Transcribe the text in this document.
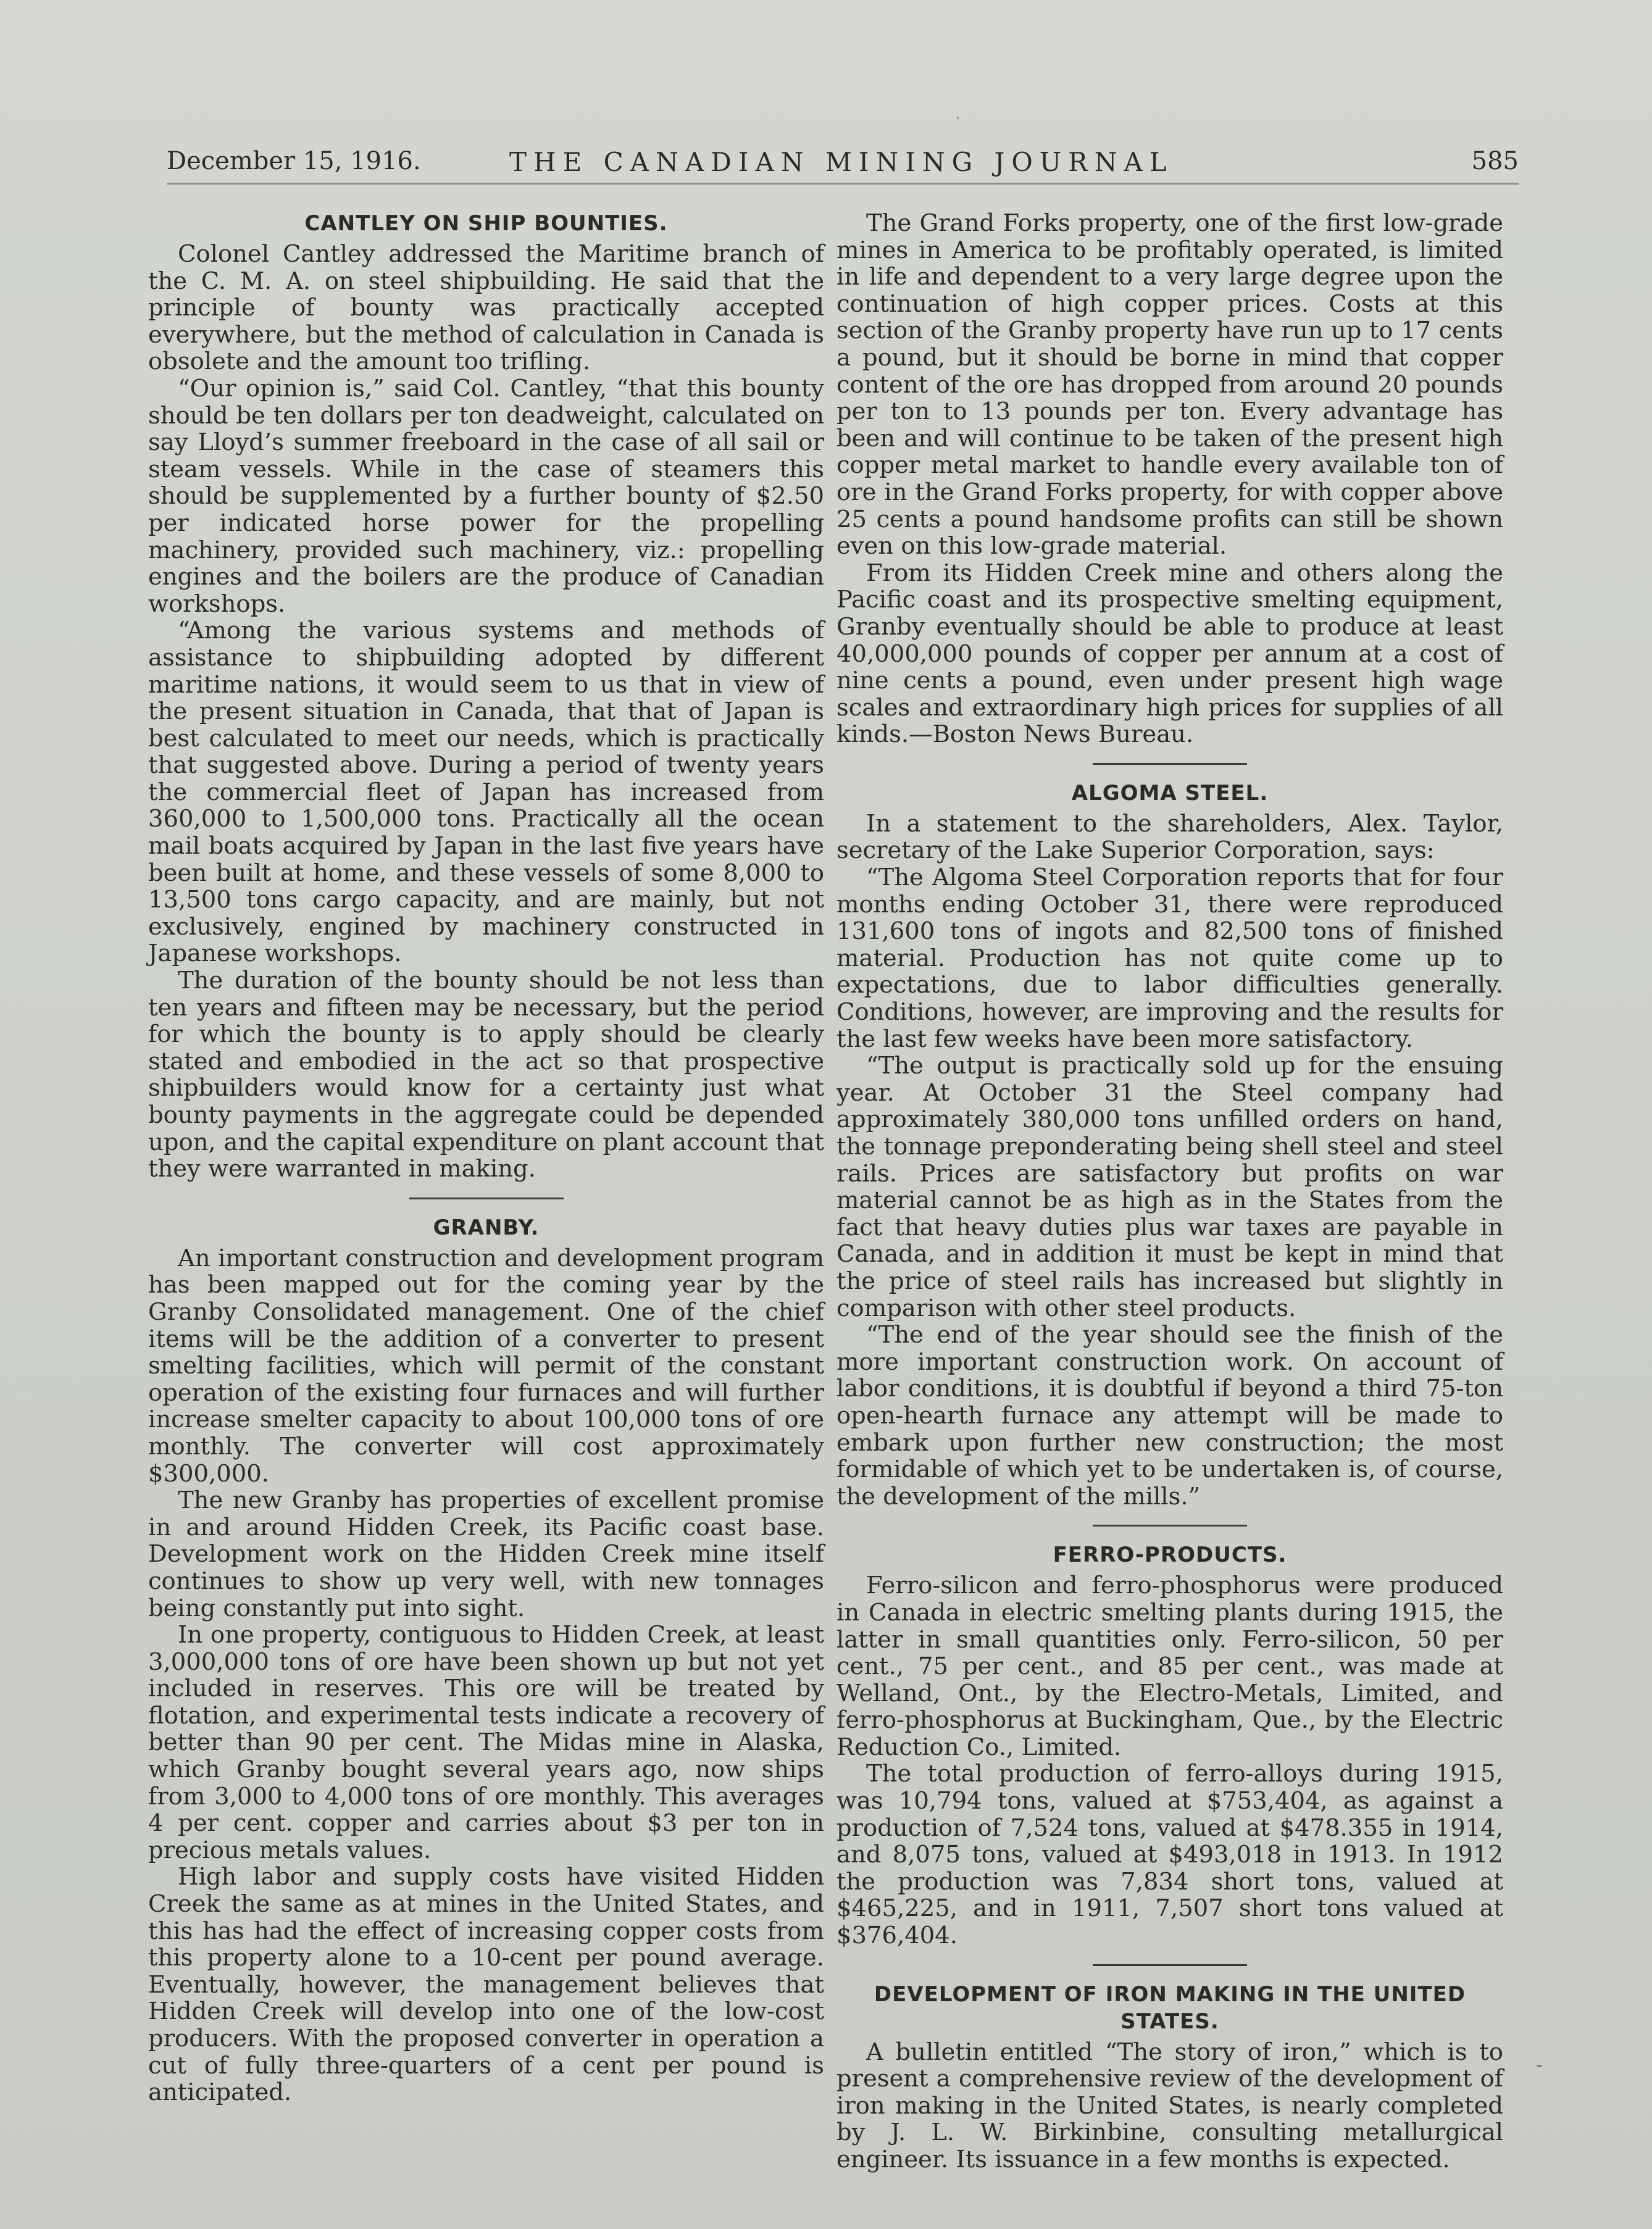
December 15, 1916.	THE CANADIAN MINING JOURNAL	585
CANTLEY ON SHIP BOUNTIES.

Colonel Cantley addressed the Maritime branch of the C. M. A. on steel shipbuilding. He said that the principle of bounty was practically accepted everywhere, but the method of calculation in Canada is obsolete and the amount too trifling.

“Our opinion is,” said Col. Cantley, “that this bounty should be ten dollars per ton deadweight, calculated on say Lloyd’s summer freeboard in the case of all sail or steam vessels. While in the case of steamers this should be supplemented by a further bounty of $2.50 per indicated horse power for the propelling machinery, provided such machinery, viz.: propelling engines and the boilers are the produce of Canadian workshops.

“Among the various systems and methods of assistance to shipbuilding adopted by different maritime nations, it would seem to us that in view of the present situation in Canada, that that of Japan is best calculated to meet our needs, which is practically that suggested above. During a period of twenty years the commercial fleet of Japan has increased from 360,000 to 1,500,000 tons. Practically all the ocean mail boats acquired by Japan in the last five years have been built at home, and these vessels of some 8,000 to 13,500 tons cargo capacity, and are mainly, but not exclusively, engined by machinery constructed in Japanese workshops.

The duration of the bounty should be not less than ten years and fifteen may be necessary, but the period for which the bounty is to apply should be clearly stated and embodied in the act so that prospective shipbuilders would know for a certainty just what bounty payments in the aggregate could be depended upon, and the capital expenditure on plant account that they were warranted in making.

GRANBY.

An important construction and development program has been mapped out for the coming year by the Granby Consolidated management. One of the chief items will be the addition of a converter to present smelting facilities, which will permit of the constant operation of the existing four furnaces and will further increase smelter capacity to about 100,000 tons of ore monthly. The converter will cost approximately $300,000.

The new Granby has properties of excellent promise in and around Hidden Creek, its Pacific coast base. Development work on the Hidden Creek mine itself continues to show up very well, with new tonnages being constantly put into sight.

In one property, contiguous to Hidden Creek, at least 3,000,000 tons of ore have been shown up but not yet included in reserves. This ore will be treated by flotation, and experimental tests indicate a recovery of better than 90 per cent. The Midas mine in Alaska, which Granby bought several years ago, now ships from 3,000 to 4,000 tons of ore monthly. This averages 4 per cent. copper and carries about $3 per ton in precious metals values.

High labor and supply costs have visited Hidden Creek the same as at mines in the United States, and this has had the effect of increasing copper costs from this property alone to a 10-cent per pound average. Eventually, however, the management believes that Hidden Creek will develop into one of the low-cost producers. With the proposed converter in operation a cut of fully three-quarters of a cent per pound is anticipated.

The Grand Forks property, one of the first low-grade mines in America to be profitably operated, is limited in life and dependent to a very large degree upon the continuation of high copper prices. Costs at this section of the Granby property have run up to 17 cents a pound, but it should be borne in mind that copper content of the ore has dropped from around 20 pounds per ton to 13 pounds per ton. Every advantage has been and will continue to be taken of the present high copper metal market to handle every available ton of ore in the Grand Forks property, for with copper above 25 cents a pound handsome profits can still be shown even on this low-grade material.

From its Hidden Creek mine and others along the Pacific coast and its prospective smelting equipment, Granby eventually should be able to produce at least 40,000,000 pounds of copper per annum at a cost of nine cents a pound, even under present high wage scales and extraordinary high prices for supplies of all kinds.—Boston News Bureau.

ALGOMA STEEL.

In a statement to the shareholders, Alex. Taylor, secretary of the Lake Superior Corporation, says:

“The Algoma Steel Corporation reports that for four months ending October 31, there were reproduced 131,600 tons of ingots and 82,500 tons of finished material. Production has not quite come up to expectations, due to labor difficulties generally. Conditions, however, are improving and the results for the last few weeks have been more satisfactory.

“The output is practically sold up for the ensuing year. At October 31 the Steel company had approximately 380,000 tons unfilled orders on hand, the tonnage preponderating being shell steel and steel rails. Prices are satisfactory but profits on war material cannot be as high as in the States from the fact that heavy duties plus war taxes are payable in Canada, and in addition it must be kept in mind that the price of steel rails has increased but slightly in comparison with other steel products.

“The end of the year should see the finish of the more important construction work. On account of labor conditions, it is doubtful if beyond a third 75-ton open-hearth furnace any attempt will be made to embark upon further new construction; the most formidable of which yet to be undertaken is, of course, the development of the mills.”

FERRO-PRODUCTS.

Ferro-silicon and ferro-phosphorus were produced in Canada in electric smelting plants during 1915, the latter in small quantities only. Ferro-silicon, 50 per cent., 75 per cent., and 85 per cent., was made at Welland, Ont., by the Electro-Metals, Limited, and ferro-phosphorus at Buckingham, Que., by the Electric Reduction Co., Limited.

The total production of ferro-alloys during 1915, was 10,794 tons, valued at $753,404, as against a production of 7,524 tons, valued at $478.355 in 1914, and 8,075 tons, valued at $493,018 in 1913. In 1912 the production was 7,834 short tons, valued at $465,225, and in 1911, 7,507 short tons valued at $376,404.

DEVELOPMENT OF IRON MAKING IN THE UNITED STATES.

A bulletin entitled “The story of iron,” which is to present a comprehensive review of the development of iron making in the United States, is nearly completed by J. L. W. Birkinbine, consulting metallurgical engineer. Its issuance in a few months is expected.

·
-
